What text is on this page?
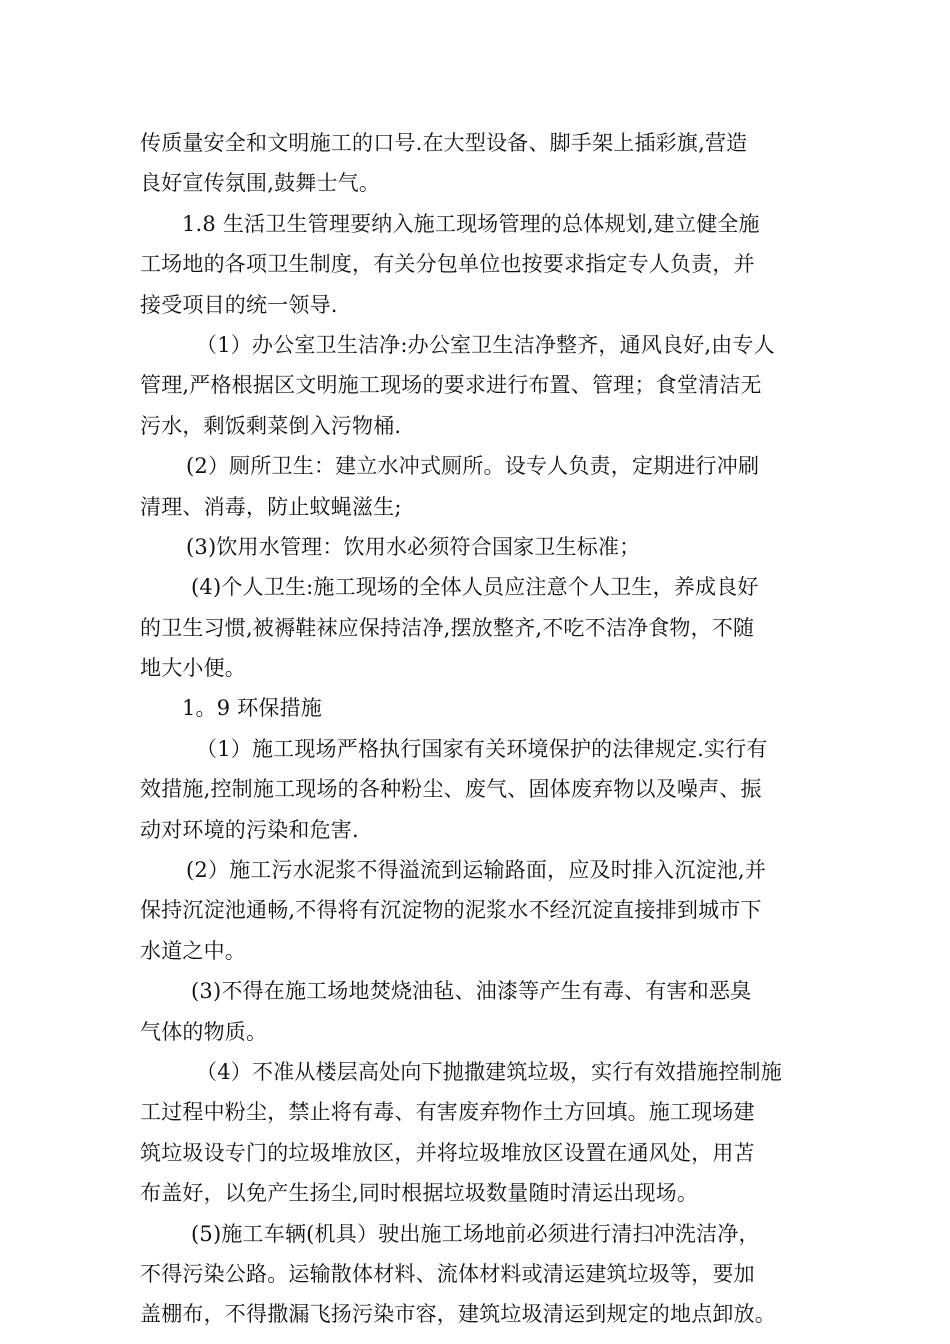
传质量安全和文明施工的口号.在大型设备、脚手架上插彩旗,营造
良好宣传氛围,鼓舞士气。
1.8 生活卫生管理要纳入施工现场管理的总体规划,建立健全施
工场地的各项卫生制度，有关分包单位也按要求指定专人负责，并
接受项目的统一领导.
（1）办公室卫生洁净:办公室卫生洁净整齐，通风良好,由专人
管理,严格根据区文明施工现场的要求进行布置、管理；食堂清洁无
污水，剩饭剩菜倒入污物桶.
(2）厕所卫生：建立水冲式厕所。设专人负责，定期进行冲刷
清理、消毒，防止蚊蝇滋生;
(3)饮用水管理：饮用水必须符合国家卫生标准；
(4)个人卫生:施工现场的全体人员应注意个人卫生，养成良好
的卫生习惯,被褥鞋袜应保持洁净,摆放整齐,不吃不洁净食物，不随
地大小便。
1。9 环保措施
（1）施工现场严格执行国家有关环境保护的法律规定.实行有
效措施,控制施工现场的各种粉尘、废气、固体废弃物以及噪声、振
动对环境的污染和危害.
(2）施工污水泥浆不得溢流到运输路面，应及时排入沉淀池,并
保持沉淀池通畅,不得将有沉淀物的泥浆水不经沉淀直接排到城市下
水道之中。
(3)不得在施工场地焚烧油毡、油漆等产生有毒、有害和恶臭
气体的物质。
（4）不准从楼层高处向下抛撒建筑垃圾，实行有效措施控制施
工过程中粉尘，禁止将有毒、有害废弃物作土方回填。施工现场建
筑垃圾设专门的垃圾堆放区，并将垃圾堆放区设置在通风处，用苫
布盖好，以免产生扬尘,同时根据垃圾数量随时清运出现场。
(5)施工车辆(机具）驶出施工场地前必须进行清扫冲洗洁净，
不得污染公路。运输散体材料、流体材料或清运建筑垃圾等，要加
盖棚布，不得撒漏飞扬污染市容，建筑垃圾清运到规定的地点卸放。
